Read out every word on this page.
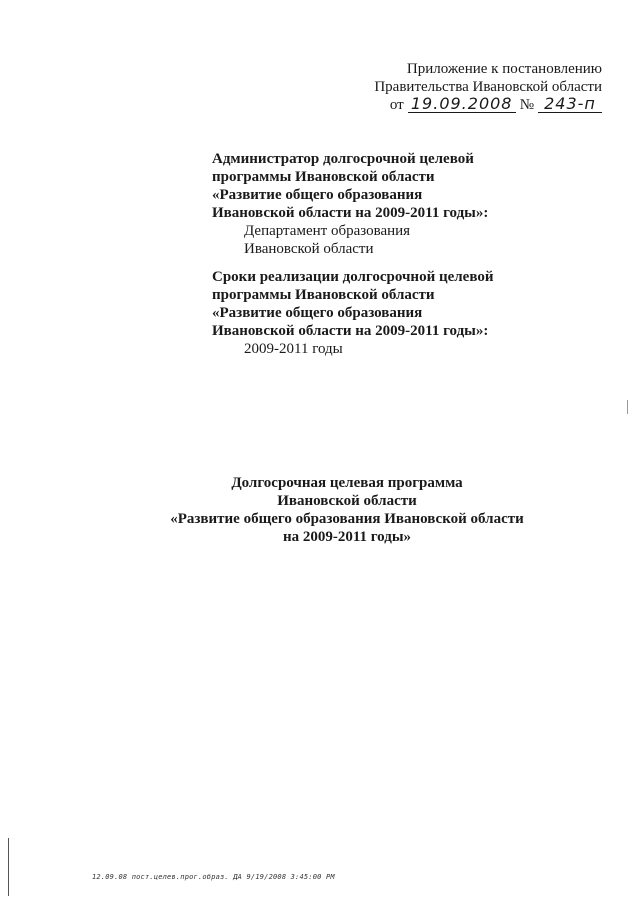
Приложение к постановлению
Правительства Ивановской области
от 19.09.2008 № 243-п
Администратор долгосрочной целевой
программы Ивановской области
«Развитие общего образования
Ивановской области на 2009-2011 годы»:
Департамент образования
Ивановской области
Сроки реализации долгосрочной целевой
программы Ивановской области
«Развитие общего образования
Ивановской области на 2009-2011 годы»:
2009-2011 годы
Долгосрочная целевая программа
Ивановской области
«Развитие общего образования Ивановской области
на 2009-2011 годы»
12.09.08 пост.целев.прог.образ. ДА 9/19/2008 3:45:00 PM
